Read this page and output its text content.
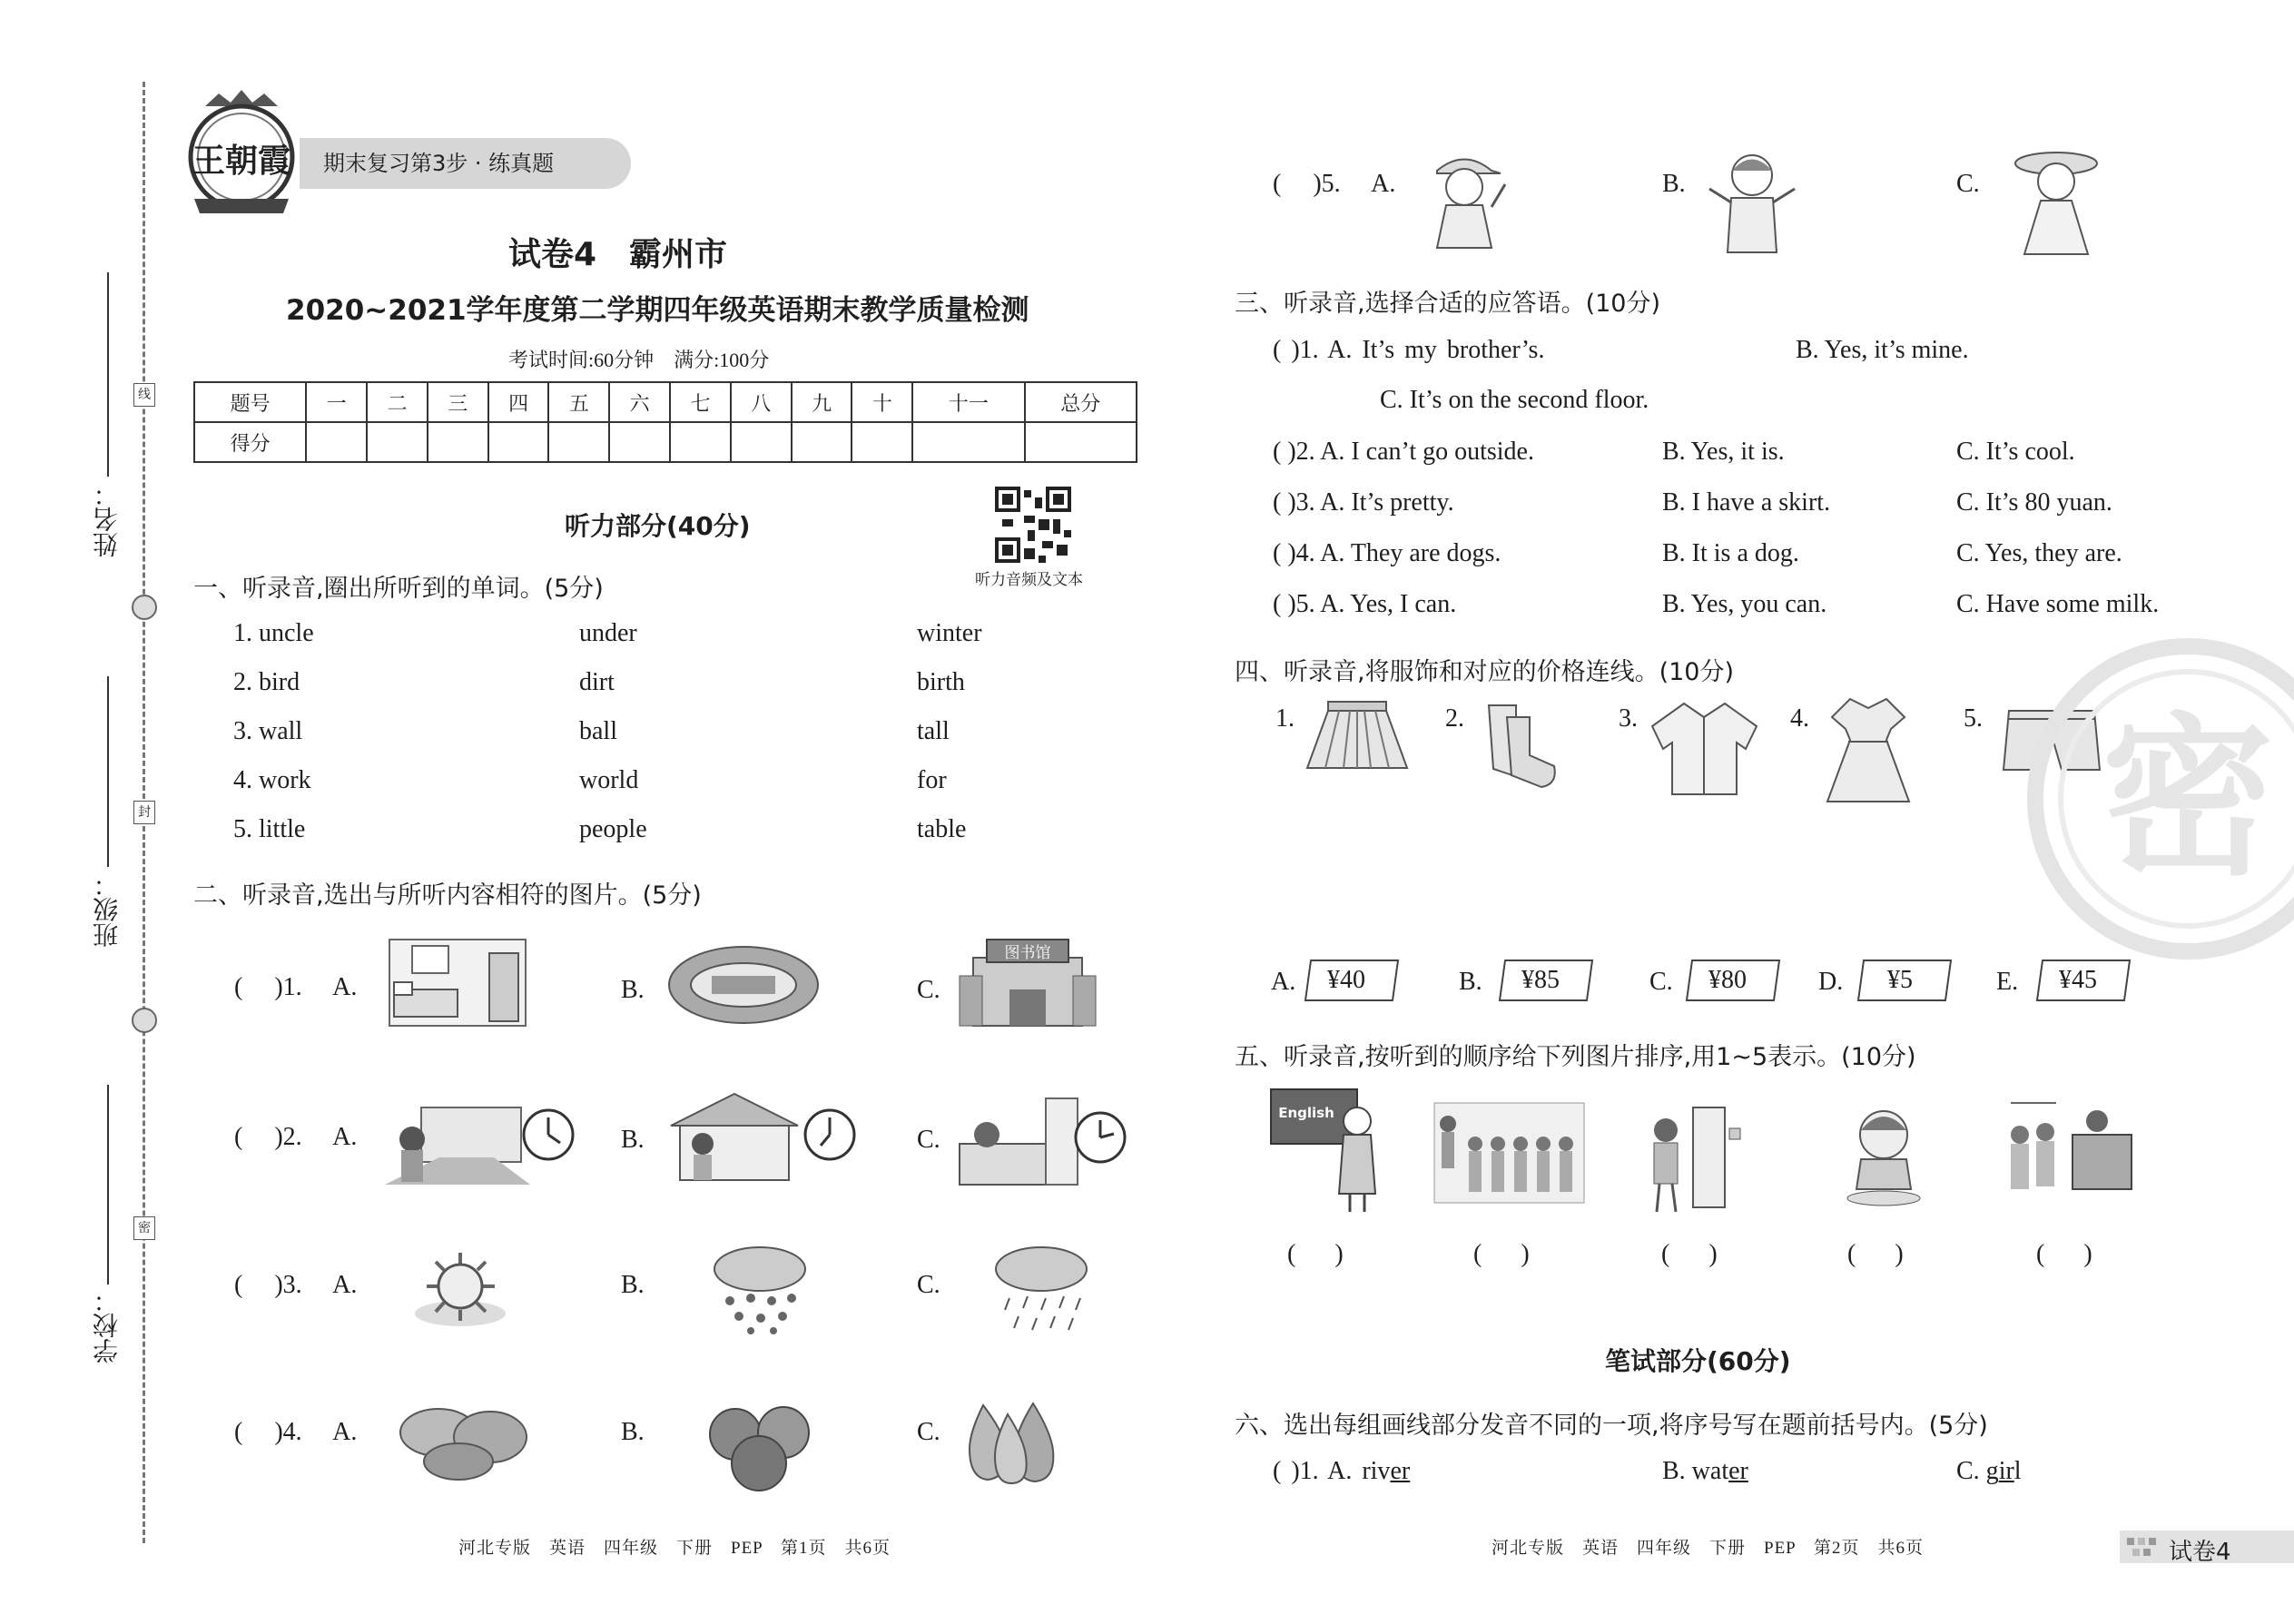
姓名：
班级：
学校：
线
封
密
王朝霞	期末复习第3步 · 练真题
试卷4　霸州市
2020~2021学年度第二学期四年级英语期末教学质量检测
考试时间:60分钟　满分:100分
题号	一	二	三	四	五	六	七	八	九	十	十一	总分
得分												
听力部分(40分)
听力音频及文本
一、听录音,圈出所听到的单词。(5分)
1. uncle	under	winter
2. bird	dirt	birth
3. wall	ball	tall
4. work	world	for
5. little	people	table
二、听录音,选出与所听内容相符的图片。(5分)
( )1. A.	B.	C.
图书馆
( )2. A.	B.	C.
( )3. A.	B.	C.
( )4. A.	B.	C.
( )5. A.	B.	C.
三、听录音,选择合适的应答语。(10分)
( )1. A. It’s my brother’s.	B. Yes, it’s mine.
C. It’s on the second floor.
( )2. A. I can’t go outside.	B. Yes, it is.	C. It’s cool.
( )3. A. It’s pretty.	B. I have a skirt.	C. It’s 80 yuan.
( )4. A. They are dogs.	B. It is a dog.	C. Yes, they are.
( )5. A. Yes, I can.	B. Yes, you can.	C. Have some milk.
四、听录音,将服饰和对应的价格连线。(10分)
1.	2.	3.	4.	5.
A. ¥40	B. ¥85	C. ¥80	D. ¥5	E. ¥45
五、听录音,按听到的顺序给下列图片排序,用1~5表示。(10分)
English
( )	( )	( )	( )	( )
笔试部分(60分)
六、选出每组画线部分发音不同的一项,将序号写在题前括号内。(5分)
( )1. A. river	B. water	C. girl
密
河北专版　英语　四年级　下册　PEP　第1页　共6页	河北专版　英语　四年级　下册　PEP　第2页　共6页	试卷4
